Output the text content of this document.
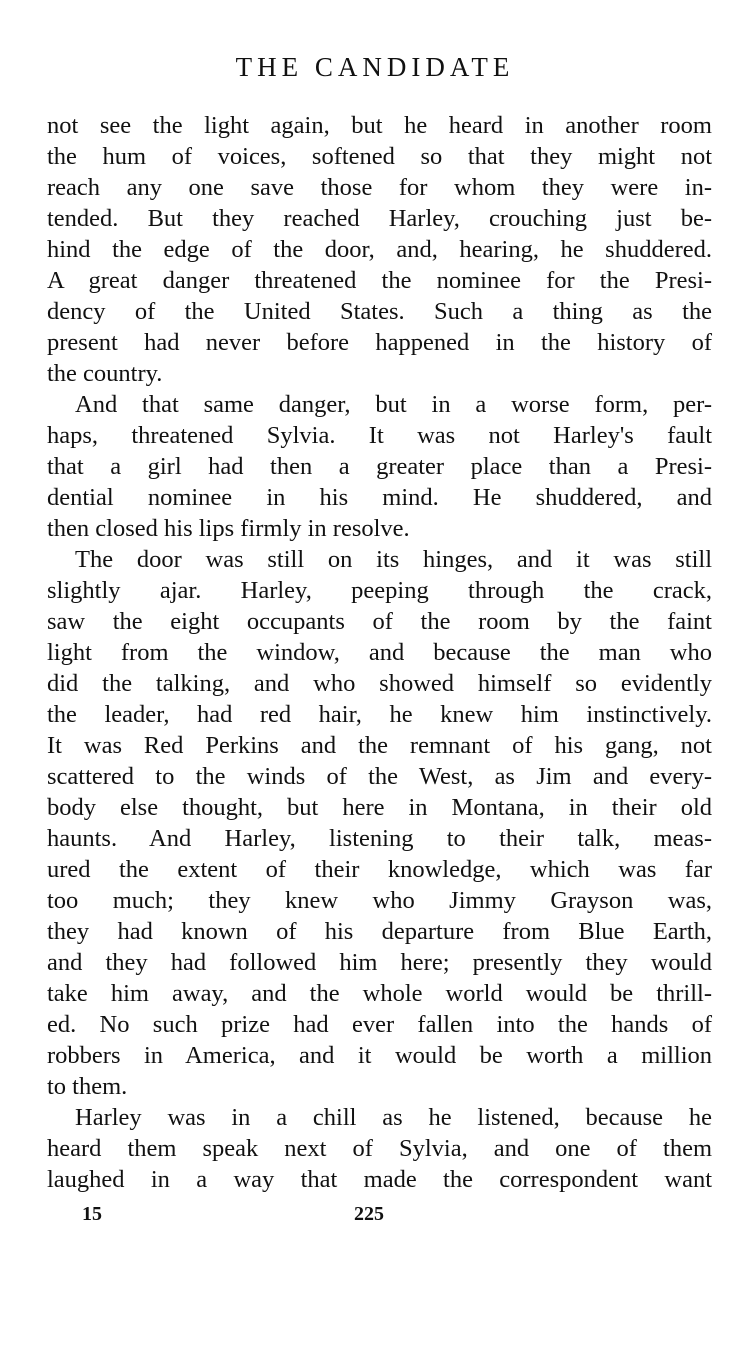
THE CANDIDATE
not see the light again, but he heard in another room
the hum of voices, softened so that they might not
reach any one save those for whom they were in-
tended. But they reached Harley, crouching just be-
hind the edge of the door, and, hearing, he shuddered.
A great danger threatened the nominee for the Presi-
dency of the United States. Such a thing as the
present had never before happened in the history of
the country.
And that same danger, but in a worse form, per-
haps, threatened Sylvia. It was not Harley's fault
that a girl had then a greater place than a Presi-
dential nominee in his mind. He shuddered, and
then closed his lips firmly in resolve.
The door was still on its hinges, and it was still
slightly ajar. Harley, peeping through the crack,
saw the eight occupants of the room by the faint
light from the window, and because the man who
did the talking, and who showed himself so evidently
the leader, had red hair, he knew him instinctively.
It was Red Perkins and the remnant of his gang, not
scattered to the winds of the West, as Jim and every-
body else thought, but here in Montana, in their old
haunts. And Harley, listening to their talk, meas-
ured the extent of their knowledge, which was far
too much; they knew who Jimmy Grayson was,
they had known of his departure from Blue Earth,
and they had followed him here; presently they would
take him away, and the whole world would be thrill-
ed. No such prize had ever fallen into the hands of
robbers in America, and it would be worth a million
to them.
Harley was in a chill as he listened, because he
heard them speak next of Sylvia, and one of them
laughed in a way that made the correspondent want
15	225
